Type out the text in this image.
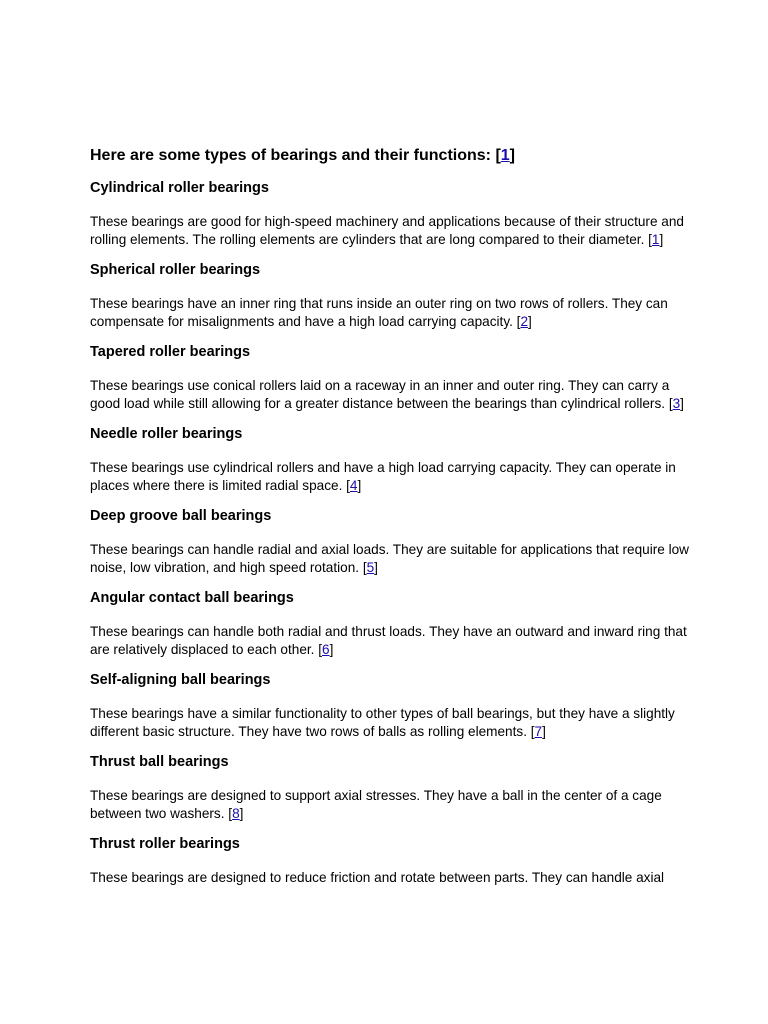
Here are some types of bearings and their functions: [1]
Cylindrical roller bearings

These bearings are good for high-speed machinery and applications because of their structure and rolling elements. The rolling elements are cylinders that are long compared to their diameter. [1]

Spherical roller bearings

These bearings have an inner ring that runs inside an outer ring on two rows of rollers. They can compensate for misalignments and have a high load carrying capacity. [2]

Tapered roller bearings

These bearings use conical rollers laid on a raceway in an inner and outer ring. They can carry a good load while still allowing for a greater distance between the bearings than cylindrical rollers. [3]

Needle roller bearings

These bearings use cylindrical rollers and have a high load carrying capacity. They can operate in places where there is limited radial space. [4]

Deep groove ball bearings

These bearings can handle radial and axial loads. They are suitable for applications that require low noise, low vibration, and high speed rotation. [5]

Angular contact ball bearings

These bearings can handle both radial and thrust loads. They have an outward and inward ring that are relatively displaced to each other. [6]

Self-aligning ball bearings

These bearings have a similar functionality to other types of ball bearings, but they have a slightly different basic structure. They have two rows of balls as rolling elements. [7]

Thrust ball bearings

These bearings are designed to support axial stresses. They have a ball in the center of a cage between two washers. [8]

Thrust roller bearings

These bearings are designed to reduce friction and rotate between parts. They can handle axial
